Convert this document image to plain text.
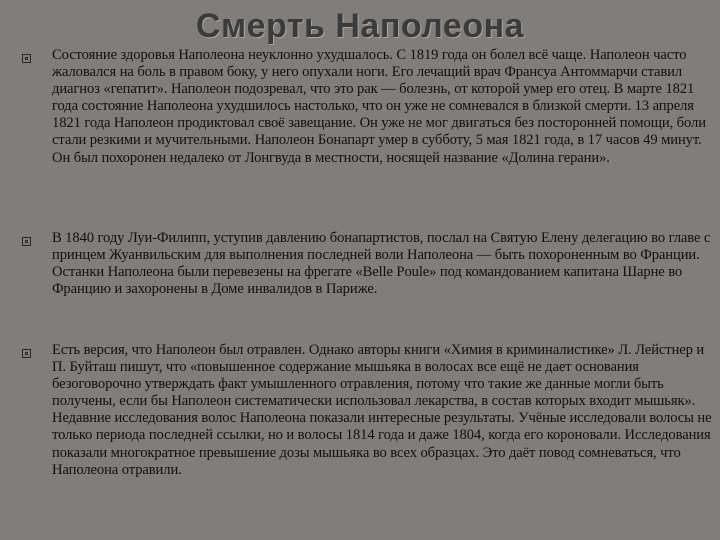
Смерть Наполеона
Состояние здоровья Наполеона неуклонно ухудшалось. С 1819 года он болел всё чаще. Наполеон часто жаловался на боль в правом боку, у него опухали ноги. Его лечащий врач Франсуа Антоммарчи ставил диагноз «гепатит». Наполеон подозревал, что это рак — болезнь, от которой умер его отец. В марте 1821 года состояние Наполеона ухудшилось настолько, что он уже не сомневался в близкой смерти. 13 апреля 1821 года Наполеон продиктовал своё завещание. Он уже не мог двигаться без посторонней помощи, боли стали резкими и мучительными. Наполеон Бонапарт умер в субботу, 5 мая 1821 года, в 17 часов 49 минут. Он был похоронен недалеко от Лонгвуда в местности, носящей название «Долина герани».
В 1840 году Луи-Филипп, уступив давлению бонапартистов, послал на Святую Елену делегацию во главе с принцем Жуанвильским для выполнения последней воли Наполеона — быть похороненным во Франции. Останки Наполеона были перевезены на фрегате «Belle Poule» под командованием капитана Шарне во Францию и захоронены в Доме инвалидов в Париже.
Есть версия, что Наполеон был отравлен. Однако авторы книги «Химия в криминалистике» Л. Лейстнер и П. Буйташ пишут, что «повышенное содержание мышьяка в волосах все ещё не дает основания безоговорочно утверждать факт умышленного отравления, потому что такие же данные могли быть получены, если бы Наполеон систематически использовал лекарства, в состав которых входит мышьяк». Недавние исследования волос Наполеона показали интересные результаты. Учёные исследовали волосы не только периода последней ссылки, но и волосы 1814 года и даже 1804, когда его короновали. Исследования показали многократное превышение дозы мышьяка во всех образцах. Это даёт повод сомневаться, что Наполеона отравили.
